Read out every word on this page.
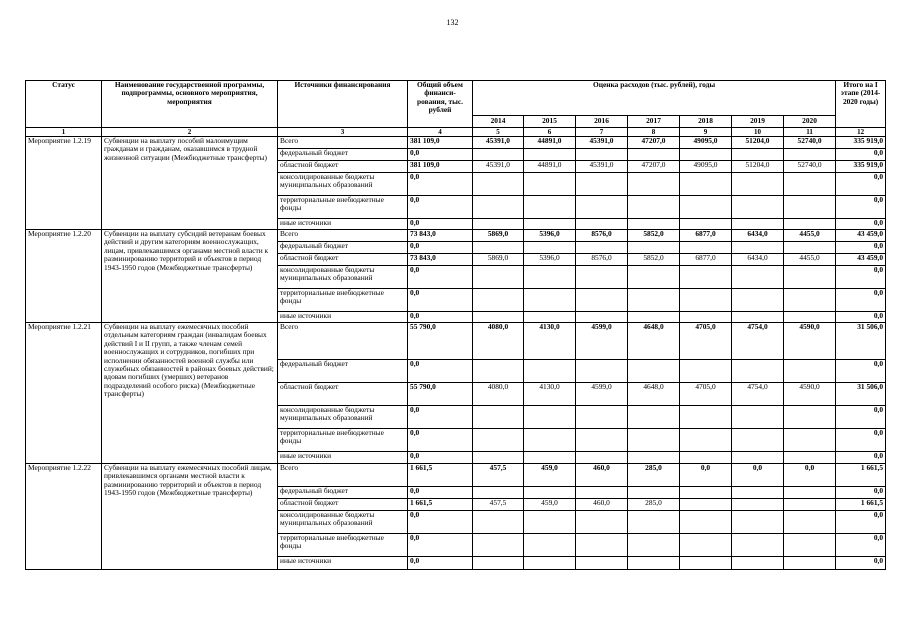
132
Статус	Наименование государственной программы, подпрограммы, основного мероприятия, мероприятия	Источники финансирования	Общий объем финанси-рования, тыс. рублей	Оценка расходов (тыс. рублей), годы							Итого на I этапе (2014-2020 годы)
				2014	2015	2016	2017	2018	2019	2020	
1	2	3	4	5	6	7	8	9	10	11	12
Мероприятие 1.2.19	Субвенции на выплату пособий малоимущим гражданам и гражданам, оказавшимся в трудной жизненной ситуации (Межбюджетные трансферты)	Всего	381 109,0	45391,0	44891,0	45391,0	47207,0	49095,0	51204,0	52740,0	335 919,0
		федеральный бюджет	0,0								0,0
		областной бюджет	381 109,0	45391,0	44891,0	45391,0	47207,0	49095,0	51204,0	52740,0	335 919,0
		консолидированные бюджеты муниципальных образований	0,0								0,0
		территориальные внебюджетные фонды	0,0								0,0
		иные источники	0,0								0,0
Мероприятие 1.2.20	Субвенции на выплату субсидий ветеранам боевых действий и другим категориям военнослужащих, лицам, привлекавшимся органами местной власти к разминированию территорий и объектов в период 1943-1950 годов (Межбюджетные трансферты)	Всего	73 843,0	5869,0	5396,0	8576,0	5852,0	6877,0	6434,0	4455,0	43 459,0
		федеральный бюджет	0,0								0,0
		областной бюджет	73 843,0	5869,0	5396,0	8576,0	5852,0	6877,0	6434,0	4455,0	43 459,0
		консолидированные бюджеты муниципальных образований	0,0								0,0
		территориальные внебюджетные фонды	0,0								0,0
		иные источники	0,0								0,0
Мероприятие 1.2.21	Субвенции на выплату ежемесячных пособий отдельным категориям граждан (инвалидам боевых действий I и II групп, а также членам семей военнослужащих и сотрудников, погибших при исполнении обязанностей военной службы или служебных обязанностей в районах боевых действий; вдовам погибших (умерших) ветеранов подразделений особого риска) (Межбюджетные трансферты)	Всего	55 790,0	4080,0	4130,0	4599,0	4648,0	4705,0	4754,0	4590,0	31 506,0
		федеральный бюджет	0,0								0,0
		областной бюджет	55 790,0	4080,0	4130,0	4599,0	4648,0	4705,0	4754,0	4590,0	31 506,0
		консолидированные бюджеты муниципальных образований	0,0								0,0
		территориальные внебюджетные фонды	0,0								0,0
		иные источники	0,0								0,0
Мероприятие 1.2.22	Субвенции на выплату ежемесячных пособий лицам, привлекавшимся органами местной власти к разминированию территорий и объектов в период 1943-1950 годов (Межбюджетные трансферты)	Всего	1 661,5	457,5	459,0	460,0	285,0	0,0	0,0	0,0	1 661,5
		федеральный бюджет	0,0								0,0
		областной бюджет	1 661,5	457,5	459,0	460,0	285,0				1 661,5
		консолидированные бюджеты муниципальных образований	0,0								0,0
		территориальные внебюджетные фонды	0,0								0,0
		иные источники	0,0								0,0
